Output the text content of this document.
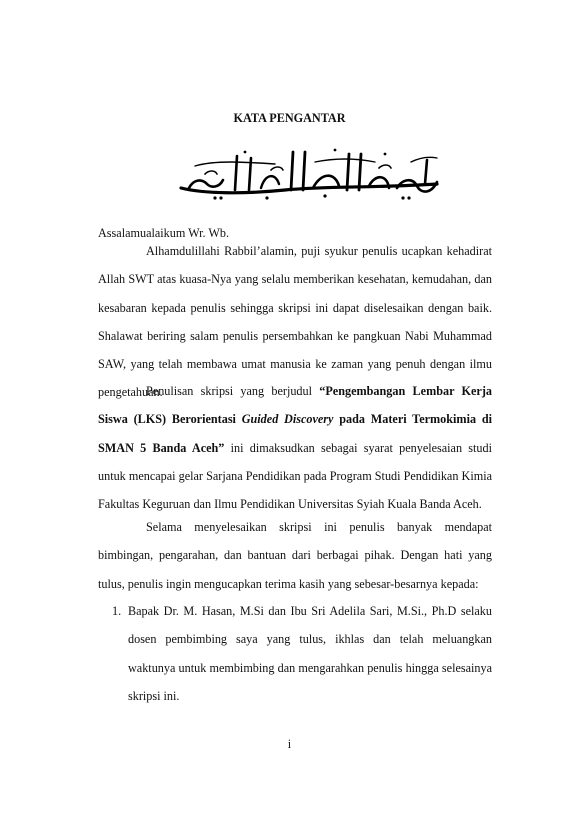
KATA PENGANTAR
Assalamualaikum Wr. Wb.
Alhamdulillahi Rabbil’alamin, puji syukur penulis ucapkan kehadirat Allah SWT atas kuasa-Nya yang selalu memberikan kesehatan, kemudahan, dan kesabaran kepada penulis sehingga skripsi ini dapat diselesaikan dengan baik. Shalawat beriring salam penulis persembahkan ke pangkuan Nabi Muhammad SAW, yang telah membawa umat manusia ke zaman yang penuh dengan ilmu pengetahuan.
Penulisan skripsi yang berjudul “Pengembangan Lembar Kerja Siswa (LKS) Berorientasi Guided Discovery pada Materi Termokimia di SMAN 5 Banda Aceh” ini dimaksudkan sebagai syarat penyelesaian studi untuk mencapai gelar Sarjana Pendidikan pada Program Studi Pendidikan Kimia Fakultas Keguruan dan Ilmu Pendidikan Universitas Syiah Kuala Banda Aceh.
Selama menyelesaikan skripsi ini penulis banyak mendapat bimbingan, pengarahan, dan bantuan dari berbagai pihak. Dengan hati yang tulus, penulis ingin mengucapkan terima kasih yang sebesar-besarnya kepada:
1. Bapak Dr. M. Hasan, M.Si dan Ibu Sri Adelila Sari, M.Si., Ph.D selaku dosen pembimbing saya yang tulus, ikhlas dan telah meluangkan waktunya untuk membimbing dan mengarahkan penulis hingga selesainya skripsi ini.
i
